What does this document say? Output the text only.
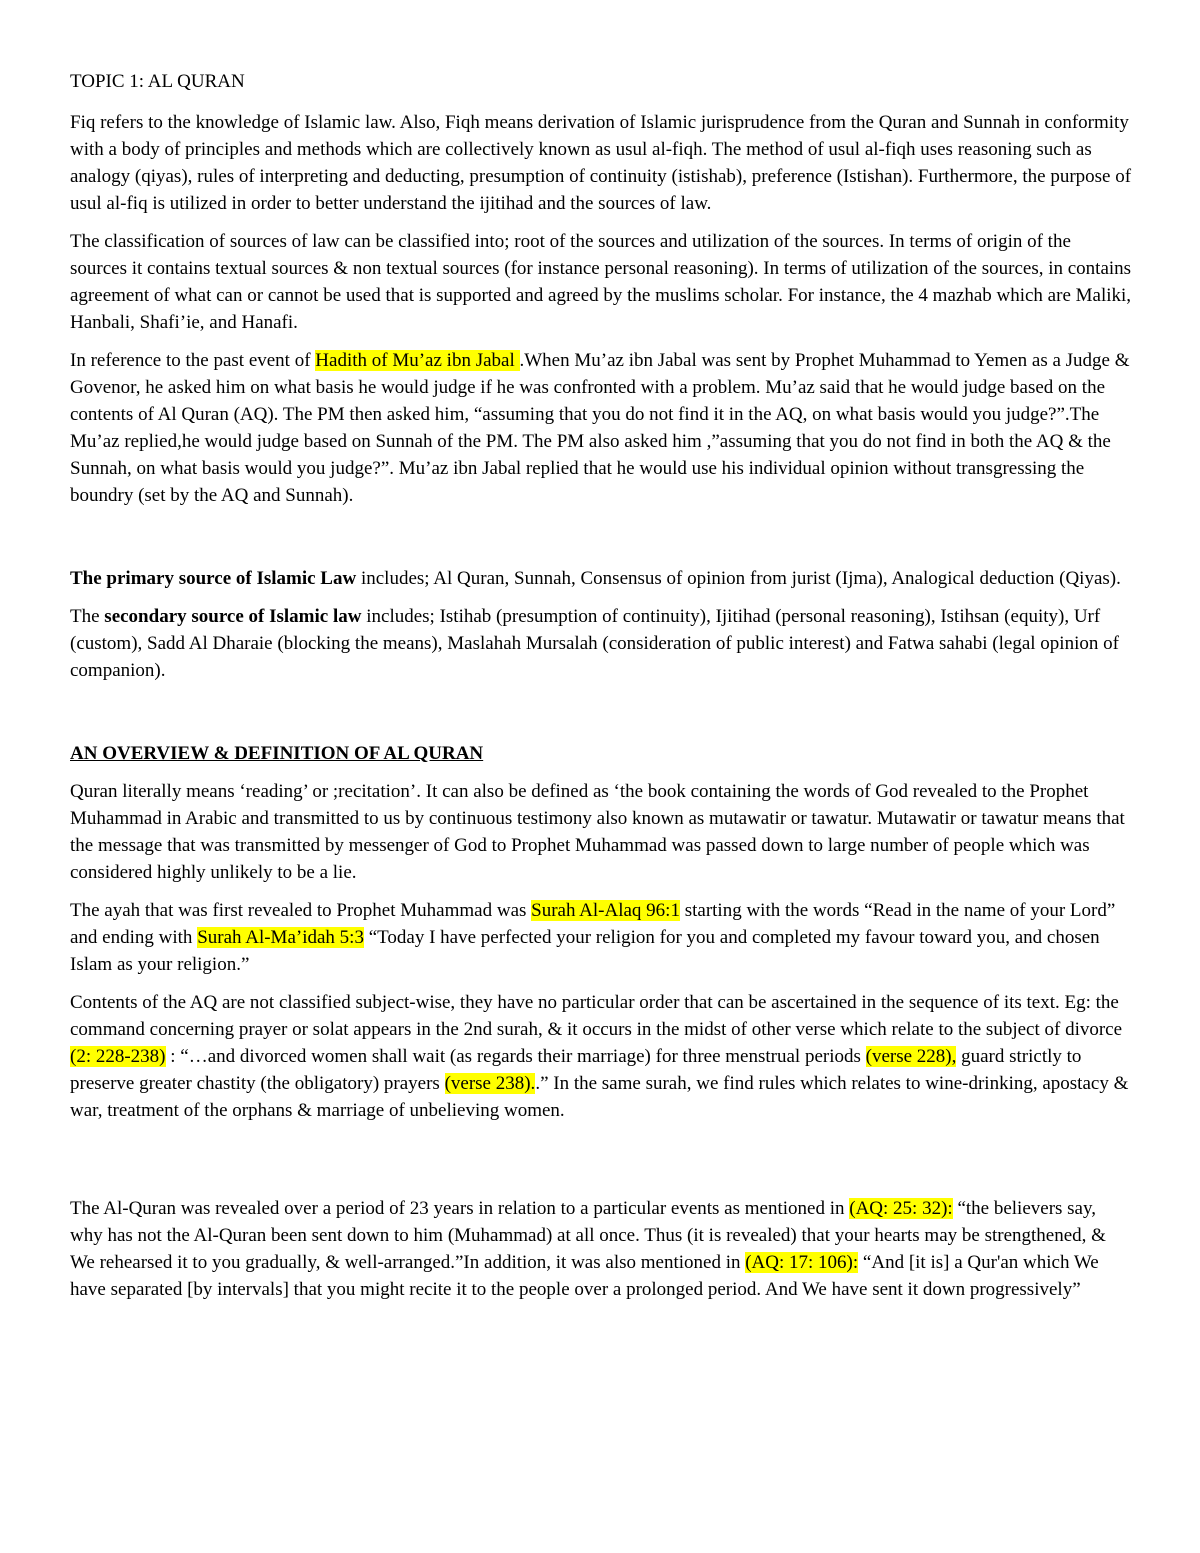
TOPIC 1: AL QURAN

Fiq refers to the knowledge of Islamic law. Also, Fiqh means derivation of Islamic jurisprudence from the Quran and Sunnah in conformity with a body of principles and methods which are collectively known as usul al-fiqh. The method of usul al-fiqh uses reasoning such as analogy (qiyas), rules of interpreting and deducting, presumption of continuity (istishab), preference (Istishan). Furthermore, the purpose of usul al-fiq is utilized in order to better understand the ijitihad and the sources of law.

The classification of sources of law can be classified into; root of the sources and utilization of the sources. In terms of origin of the sources it contains textual sources & non textual sources (for instance personal reasoning). In terms of utilization of the sources, in contains agreement of what can or cannot be used that is supported and agreed by the muslims scholar. For instance, the 4 mazhab which are Maliki, Hanbali, Shafi’ie, and Hanafi.

In reference to the past event of Hadith of Mu’az ibn Jabal .When Mu’az ibn Jabal was sent by Prophet Muhammad to Yemen as a Judge & Govenor, he asked him on what basis he would judge if he was confronted with a problem. Mu’az said that he would judge based on the contents of Al Quran (AQ). The PM then asked him, “assuming that you do not find it in the AQ, on what basis would you judge?”.The Mu’az replied,he would judge based on Sunnah of the PM. The PM also asked him ,”assuming that you do not find in both the AQ & the Sunnah, on what basis would you judge?”. Mu’az ibn Jabal replied that he would use his individual opinion without transgressing the boundry (set by the AQ and Sunnah).

The primary source of Islamic Law includes; Al Quran, Sunnah, Consensus of opinion from jurist (Ijma), Analogical deduction (Qiyas).

The secondary source of Islamic law includes; Istihab (presumption of continuity), Ijitihad (personal reasoning), Istihsan (equity), Urf (custom), Sadd Al Dharaie (blocking the means), Maslahah Mursalah (consideration of public interest) and Fatwa sahabi (legal opinion of companion).

AN OVERVIEW & DEFINITION OF AL QURAN

Quran literally means ‘reading’ or ;recitation’. It can also be defined as ‘the book containing the words of God revealed to the Prophet Muhammad in Arabic and transmitted to us by continuous testimony also known as mutawatir or tawatur. Mutawatir or tawatur means that the message that was transmitted by messenger of God to Prophet Muhammad was passed down to large number of people which was considered highly unlikely to be a lie.

The ayah that was first revealed to Prophet Muhammad was Surah Al-Alaq 96:1 starting with the words “Read in the name of your Lord” and ending with Surah Al-Ma’idah 5:3 “Today I have perfected your religion for you and completed my favour toward you, and chosen Islam as your religion.”

Contents of the AQ are not classified subject-wise, they have no particular order that can be ascertained in the sequence of its text. Eg: the command concerning prayer or solat appears in the 2nd surah, & it occurs in the midst of other verse which relate to the subject of divorce (2: 228-238) : “…and divorced women shall wait (as regards their marriage) for three menstrual periods (verse 228), guard strictly to preserve greater chastity (the obligatory) prayers (verse 238)..” In the same surah, we find rules which relates to wine-drinking, apostacy & war, treatment of the orphans & marriage of unbelieving women.

The Al-Quran was revealed over a period of 23 years in relation to a particular events as mentioned in (AQ: 25: 32): “the believers say, why has not the Al-Quran been sent down to him (Muhammad) at all once. Thus (it is revealed) that your hearts may be strengthened, & We rehearsed it to you gradually, & well-arranged.”In addition, it was also mentioned in (AQ: 17: 106): “And [it is] a Qur'an which We have separated [by intervals] that you might recite it to the people over a prolonged period. And We have sent it down progressively”
